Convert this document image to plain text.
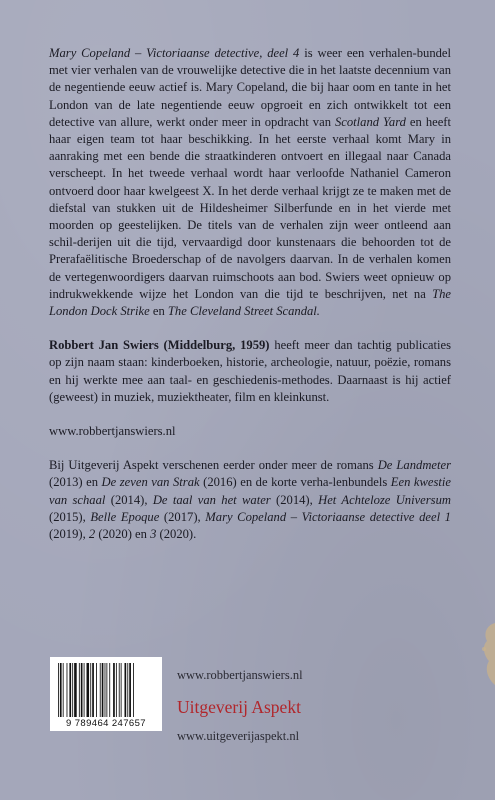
Mary Copeland – Victoriaanse detective, deel 4 is weer een verhalen-bundel met vier verhalen van de vrouwelijke detective die in het laatste decennium van de negentiende eeuw actief is. Mary Copeland, die bij haar oom en tante in het London van de late negentiende eeuw opgroeit en zich ontwikkelt tot een detective van allure, werkt onder meer in opdracht van Scotland Yard en heeft haar eigen team tot haar beschikking. In het eerste verhaal komt Mary in aanraking met een bende die straatkinderen ontvoert en illegaal naar Canada verscheept. In het tweede verhaal wordt haar verloofde Nathaniel Cameron ontvoerd door haar kwelgeest X. In het derde verhaal krijgt ze te maken met de diefstal van stukken uit de Hildesheimer Silberfunde en in het vierde met moorden op geestelijken. De titels van de verhalen zijn weer ontleend aan schil-derijen uit die tijd, vervaardigd door kunstenaars die behoorden tot de Prerafaëlitische Broederschap of de navolgers daarvan. In de verhalen komen de vertegenwoordigers daarvan ruimschoots aan bod. Swiers weet opnieuw op indrukwekkende wijze het London van die tijd te beschrijven, net na The London Dock Strike en The Cleveland Street Scandal.

Robbert Jan Swiers (Middelburg, 1959) heeft meer dan tachtig publicaties op zijn naam staan: kinderboeken, historie, archeologie, natuur, poëzie, romans en hij werkte mee aan taal- en geschiedenis-methodes. Daarnaast is hij actief (geweest) in muziek, muziektheater, film en kleinkunst.

www.robbertjanswiers.nl

Bij Uitgeverij Aspekt verschenen eerder onder meer de romans De Landmeter (2013) en De zeven van Strak (2016) en de korte verha-lenbundels Een kwestie van schaal (2014), De taal van het water (2014), Het Achteloze Universum (2015), Belle Epoque (2017), Mary Copeland – Victoriaanse detective deel 1 (2019), 2 (2020) en 3 (2020).

9 789464 247657
www.robbertjanswiers.nl
Uitgeverij Aspekt
www.uitgeverijaspekt.nl
